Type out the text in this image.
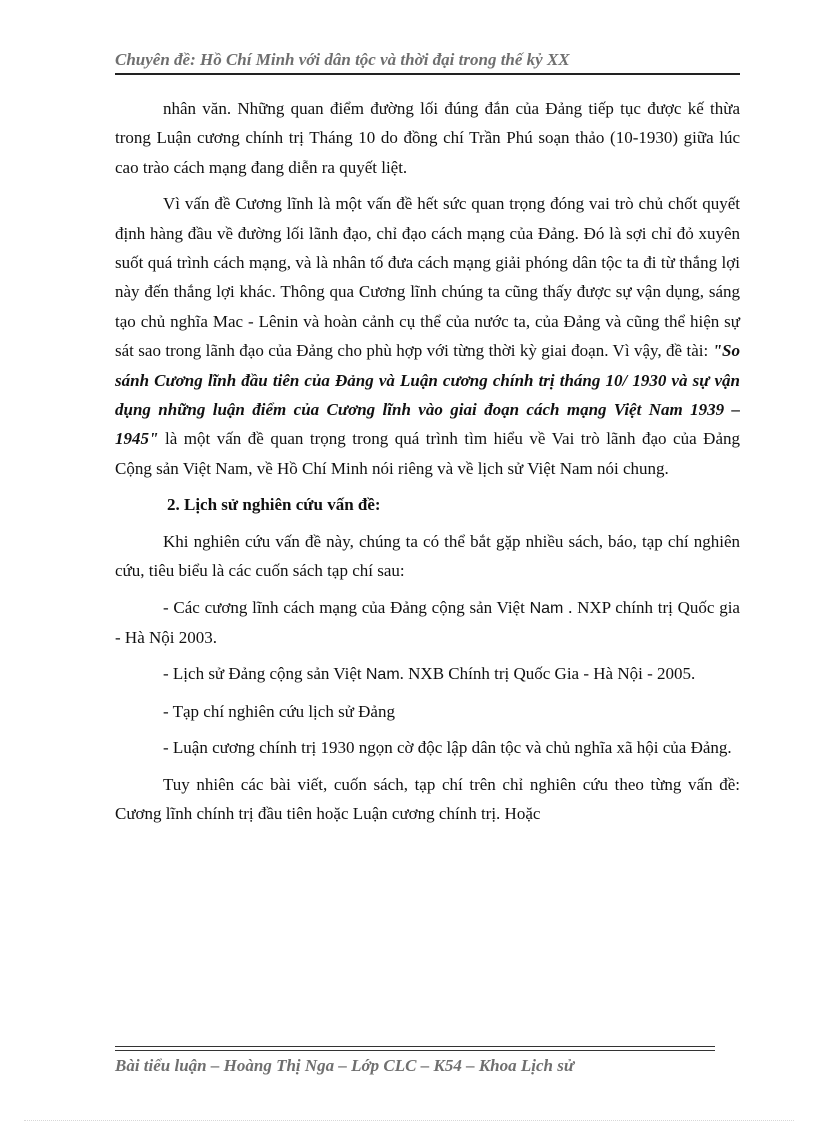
Chuyên đề: Hồ Chí Minh với dân tộc và thời đại trong thế kỷ XX

nhân văn. Những quan điểm đường lối đúng đắn của Đảng tiếp tục được kế thừa trong Luận cương chính trị Tháng 10 do đồng chí Trần Phú soạn thảo (10-1930) giữa lúc cao trào cách mạng đang diễn ra quyết liệt.

Vì vấn đề Cương lĩnh là một vấn đề hết sức quan trọng đóng vai trò chủ chốt quyết định hàng đầu về đường lối lãnh đạo, chỉ đạo cách mạng của Đảng. Đó là sợi chỉ đỏ xuyên suốt quá trình cách mạng, và là nhân tố đưa cách mạng giải phóng dân tộc ta đi từ thắng lợi này đến thắng lợi khác. Thông qua Cương lĩnh chúng ta cũng thấy được sự vận dụng, sáng tạo chủ nghĩa Mac - Lênin và hoàn cảnh cụ thể của nước ta, của Đảng và cũng thể hiện sự sát sao trong lãnh đạo của Đảng cho phù hợp với từng thời kỳ giai đoạn. Vì vậy, đề tài: "So sánh Cương lĩnh đầu tiên của Đảng và Luận cương chính trị tháng 10/ 1930 và sự vận dụng những luận điểm của Cương lĩnh vào giai đoạn cách mạng Việt Nam 1939 – 1945" là một vấn đề quan trọng trong quá trình tìm hiểu về Vai trò lãnh đạo của Đảng Cộng sản Việt Nam, về Hồ Chí Minh nói riêng và về lịch sử Việt Nam nói chung.

2. Lịch sử nghiên cứu vấn đề:

Khi nghiên cứu vấn đề này, chúng ta có thể bắt gặp nhiều sách, báo, tạp chí nghiên cứu, tiêu biểu là các cuốn sách tạp chí sau:

- Các cương lĩnh cách mạng của Đảng cộng sản Việt Nam . NXP chính trị Quốc gia - Hà Nội 2003.

- Lịch sử Đảng cộng sản Việt Nam. NXB Chính trị Quốc Gia - Hà Nội - 2005.

- Tạp chí nghiên cứu lịch sử Đảng

- Luận cương chính trị 1930 ngọn cờ độc lập dân tộc và chủ nghĩa xã hội của Đảng.

Tuy nhiên các bài viết, cuốn sách, tạp chí trên chỉ nghiên cứu theo từng vấn đề: Cương lĩnh chính trị đầu tiên hoặc Luận cương chính trị. Hoặc

Bài tiểu luận – Hoàng Thị Nga – Lớp CLC – K54 – Khoa Lịch sử
